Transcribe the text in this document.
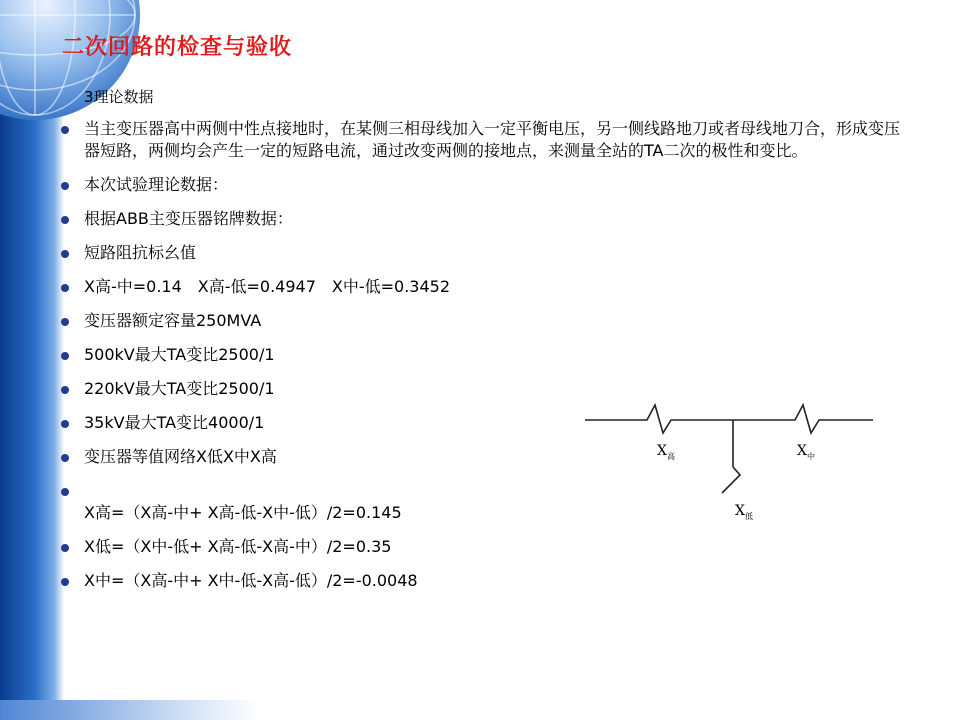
二次回路的检查与验收
3理论数据
当主变压器高中两侧中性点接地时，在某侧三相母线加入一定平衡电压，另一侧线路地刀或者母线地刀合，形成变压器短路，两侧均会产生一定的短路电流，通过改变两侧的接地点，来测量全站的TA二次的极性和变比。
本次试验理论数据：
根据ABB主变压器铭牌数据：
短路阻抗标幺值
X高-中=0.14　X高-低=0.4947　X中-低=0.3452
变压器额定容量250MVA
500kV最大TA变比2500/1
220kV最大TA变比2500/1
35kV最大TA变比4000/1
变压器等值网络X低X中X高
X高=（X高-中+ X高-低-X中-低）/2=0.145
X低=（X中-低+ X高-低-X高-中）/2=0.35
X中=（X高-中+ X中-低-X高-低）/2=-0.0048
$X_高$	$X_中$
$X_低$
